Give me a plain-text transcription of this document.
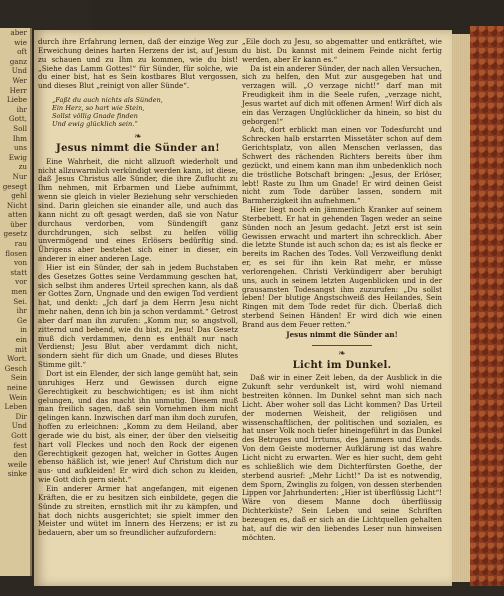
aber
wie
oft
ganz
Und
Wer
Herr
Liebe
ihr
Gott,
Soll
Ihm
uns
Ewig
zu
Nur
gesegt
gehl
Nicht
atten
über
gesetz
rau
flosen
von
statt
vor
men
Sei.
ihr
Ge
in
ein
mit
Wort.
Gesch
Sein
neine
Wein
Leben
Dir
Und
Gott
fest
den
weile
sinke

durch ihre Erfahrung lernen, daß der einzige Weg zur Erweichung deines harten Herzens der ist, auf Jesum zu schauen und zu Ihm zu kommen, wie du bist! „Siehe das Lamm Gottes!“ für Sünder, für solche, wie du einer bist, hat es Sein kostbares Blut vergossen, und dieses Blut „reinigt von aller Sünde“.

„Faßt du auch nichts als Sünden,
Ein Herz, so hart wie Stein,
Sollst völlig Gnade finden
Und ewig glücklich sein.“
❧
Jesus nimmt die Sünder an!

Eine Wahrheit, die nicht allzuoft wiederholt und nicht allzuwarmlich verkündigt werden kann, ist diese, daß Jesus Christus alle Sünder, die ihre Zuflucht zu Ihm nehmen, mit Erbarmen und Liebe aufnimmt, wenn sie gleich in vieler Beziehung sehr verschieden sind. Darin gleichen sie einander alle, und auch das kann nicht zu oft gesagt werden, daß sie von Natur durchaus verdorben, vom Sündengift ganz durchdrungen, sich selbst zu helfen völlig unvermögend und eines Erlösers bedürftig sind. Übrigens aber bestehet sich einer in dieser, ein anderer in einer anderen Lage.

Hier ist ein Sünder, der sah in jedem Buchstaben des Gesetzes Gottes seine Verdammung geschen hat, sich selbst ihm anderes Urteil sprechen kann, als daß er Gottes Zorn, Ungnade und den ewigen Tod verdient hat, und denkt: „Jch darf ja dem Herrn Jesu nicht mehr nahen, denn ich bin ja schon verdammt.“ Getrost aber darf man ihn zurufen: „Komm nur, so angstvoll, zitternd und bebend, wie du bist, zu Jesu! Das Gesetz muß dich verdammen, denn es enthält nur nach Verdienst; Jesu Blut aber verdammt dich nicht, sondern sieht für dich um Gnade, und dieses Blutes Stimme gilt.“

Dort ist ein Elender, der sich lange gemüht hat, sein unruhiges Herz und Gewissen durch eigne Gerechtigkeit zu beschwichtigen; es ist ihm nicht gelungen, und das macht ihn unmutig. Diesem muß man freilich sagen, daß sein Vornehmen ihm nicht gelingen kann. Inzwischen darf man ihm doch zurufen, hoffen zu erleichnen: „Komm zu dem Heiland, aber gerade wie du bist, als einer, der über den vielseitig hart voll Fleckes und noch den Rock der eigenen Gerechtigkeit gezogen hat, welcher in Gottes Augen ebenso häßlich ist, wie jener! Auf Christum dich nur aus- und aufkleiden! Er wird dich schon zu kleiden, wie Gott dich gern sieht.“

Ein anderer Armer hat angefangen, mit eigenen Kräften, die er zu besitzen sich einbildete, gegen die Sünde zu streiten, ernstlich mit ihr zu kämpfen, und hat doch nichts ausgerichtet; sie spielt immer den Meister und wütet im Innern des Herzens; er ist zu bedauern, aber um so freundlicher aufzufordern:

„Eile doch zu Jesu, so abgematter und entkräftet, wie du bist. Du kannst mit deinem Feinde nicht fertig werden, aber Er kann es.“

Da ist ein anderer Sünder, der nach allen Versuchen, sich zu helfen, den Mut zur ausgegeben hat und verzagen will. „O verzage nicht!“ darf man mit Freudigkeit ihm in die Seele rufen, „verzage nicht, Jesus wartet auf dich mit offenen Armen! Wirf dich als ein das Verzagen Unglücklicher da hinein, so bist du geborgen!“

Ach, dort erblickt man einen vor Todesfurcht und Schrecken halb erstarrten Missetäter schon auf dem Gerichtsplatz, von allen Menschen verlassen, das Schwert des rächenden Richters bereits über ihm gezückt, und einem kann man ihm unbedenklich noch die tröstliche Botschaft bringen: „Jesus, der Erlöser, lebt! Raste zu Ihm um Gnade! Er wird deinen Geist nicht zum Tode darüber lassen, sondern mit Barmherzigkeit ihn aufnehmen.“

Hier liegt noch ein jämmerlich Kranker auf seinem Sterbebett. Er hat in gehenden Tagen weder an seine Sünden noch an Jesum gedacht. Jetzt erst ist sein Gewissen erwacht und martert ihn schrecklich. Aber die letzte Stunde ist auch schon da; es ist als flecke er bereits im Rachen des Todes. Voll Verzweiflung denkt er, es sei für ihn kein Rat mehr, er müsse verlorengehen. Christi Verkündigerr aber beruhigt uns, auch in seinem letzten Augenblicken und in der grausamsten Todesangst ihm zuzurufen: „Du sollst leben! Der blutige Angstschweiß des Heilandes, Sein Ringen mit dem Tode redet für dich. Überlaß dich sterbend Seinen Händen! Er wird dich wie einen Brand aus dem Feuer retten.“

Jesus nimmt die Sünder an!
❧
Licht im Dunkel.

Daß wir in einer Zeit leben, da der Ausblick in die Zukunft sehr verdunkelt ist, wird wohl niemand bestreiten können. Im Dunkel sehnt man sich nach Licht. Aber woher soll das Licht kommen? Das Urteil der modernen Weisheit, der religiösen und wissenschaftlichen, der politischen und sozialen, es hat unser Volk noch tiefer hineingeführt in das Dunkel des Betruges und Irrtums, des Jammers und Elends. Von dem Geiste moderner Aufklärung ist das wahre Licht nicht zu erwarten. Wer es hier sucht, dem geht es schließlich wie dem Dichterfürsten Goethe, der sterbend ausrief: „Mehr Licht!“ Da ist es notwendig, dem Sporn, Zwinglis zu folgen, von dessen sterbenden Lippen vor Jahrhunderten: „Hier ist überflüssig Licht“! Wäre von diesem Manne doch überflüssig Dichterküste? Sein Leben und seine Schriften bezeugen es, daß er sich an die Lichtquellen gehalten hat, auf die wir den liebendes Leser nun hinweisen möchten.
